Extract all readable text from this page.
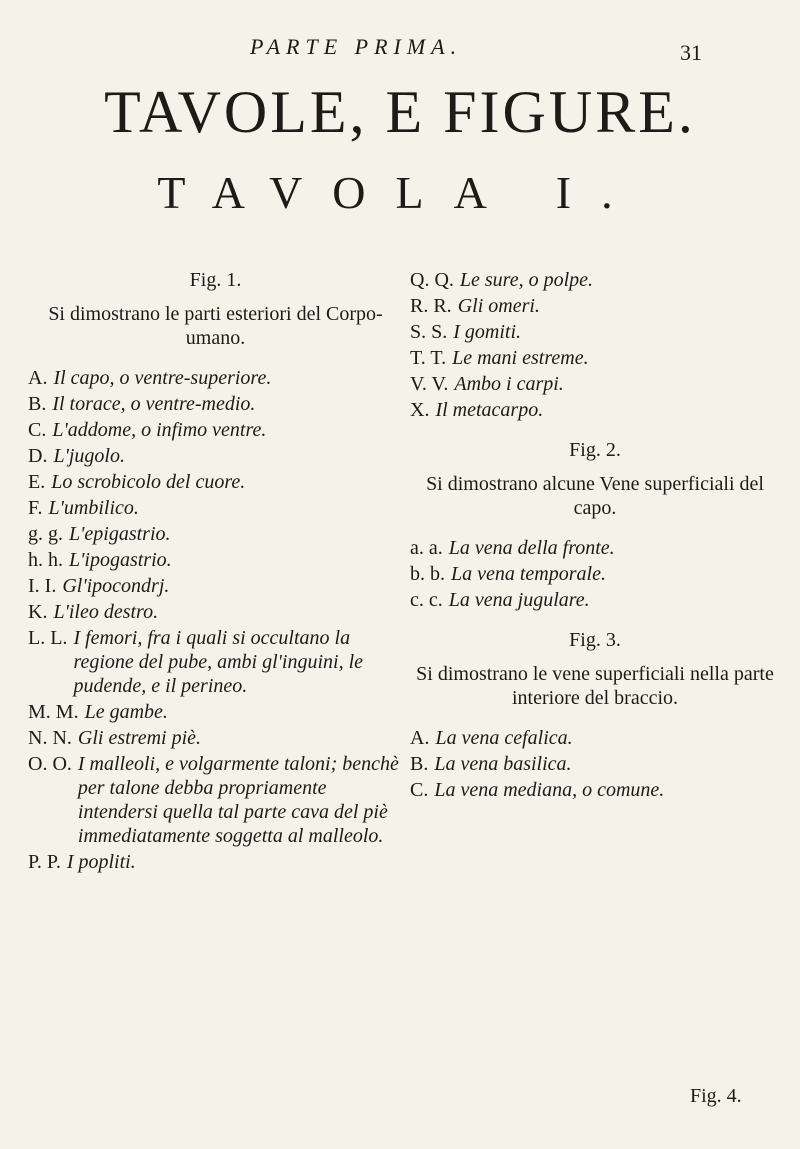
PARTE PRIMA.	31
TAVOLE, E FIGURE.
TAVOLA I.
Fig. 1.
Si dimostrano le parti esteriori del Corpo-umano.
A. Il capo, o ventre-superiore.
B. Il torace, o ventre-medio.
C. L'addome, o infimo ventre.
D. L'jugolo.
E. Lo scrobicolo del cuore.
F. L'umbilico.
g. g. L'epigastrio.
h. h. L'ipogastrio.
I. I. Gl'ipocondrj.
K. L'ileo destro.
L. L. I femori, fra i quali si occultano la regione del pube, ambi gl'inguini, le pudende, e il perineo.
M. M. Le gambe.
N. N. Gli estremi piè.
O. O. I malleoli, e volgarmente taloni; benchè per talone debba propriamente intendersi quella tal parte cava del piè immediatamente soggetta al malleolo.
P. P. I popliti.
Q. Q. Le sure, o polpe.
R. R. Gli omeri.
S. S. I gomiti.
T. T. Le mani estreme.
V. V. Ambo i carpi.
X. Il metacarpo.
Fig. 2.
Si dimostrano alcune Vene superficiali del capo.
a. a. La vena della fronte.
b. b. La vena temporale.
c. c. La vena jugulare.
Fig. 3.
Si dimostrano le vene superficiali nella parte interiore del braccio.
A. La vena cefalica.
B. La vena basilica.
C. La vena mediana, o comune.
Fig. 4.
